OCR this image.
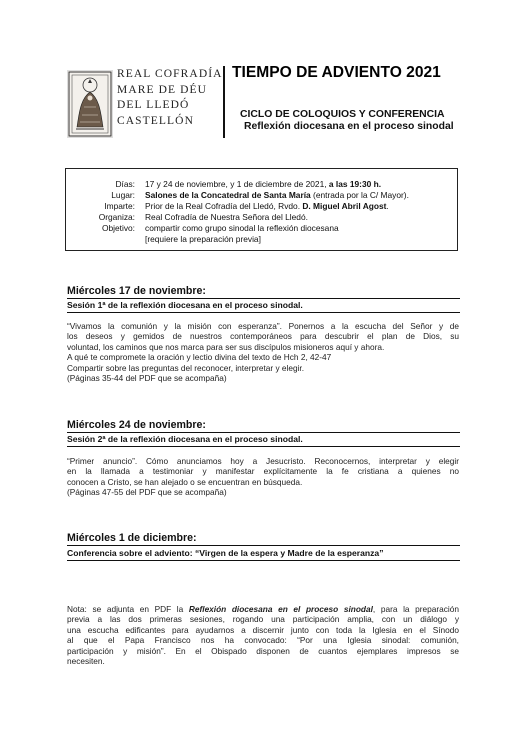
REAL COFRADÍA
MARE DE DÉU
DEL LLEDÓ
CASTELLÓN
TIEMPO DE ADVIENTO 2021
CICLO DE COLOQUIOS Y CONFERENCIA
Reflexión diocesana en el proceso sinodal
Días: 17 y 24 de noviembre, y 1 de diciembre de 2021, a las 19:30 h.
Lugar: Salones de la Concatedral de Santa María (entrada por la C/ Mayor).
Imparte: Prior de la Real Cofradía del Lledó, Rvdo. D. Miguel Abril Agost.
Organiza: Real Cofradía de Nuestra Señora del Lledó.
Objetivo: compartir como grupo sinodal la reflexión diocesana
[requiere la preparación previa]
Miércoles 17 de noviembre:
Sesión 1ª de la reflexión diocesana en el proceso sinodal.
“Vivamos la comunión y la misión con esperanza”. Ponernos a la escucha del Señor y de
los deseos y gemidos de nuestros contemporáneos para descubrir el plan de Dios, su
voluntad, los caminos que nos marca para ser sus discípulos misioneros aquí y ahora.
A qué te compromete la oración y lectio divina del texto de Hch 2, 42-47
Compartir sobre las preguntas del reconocer, interpretar y elegir.
(Páginas 35-44 del PDF que se acompaña)
Miércoles 24 de noviembre:
Sesión 2ª de la reflexión diocesana en el proceso sinodal.
“Primer anuncio”. Cómo anunciamos hoy a Jesucristo. Reconocernos, interpretar y elegir
en la llamada a testimoniar y manifestar explícitamente la fe cristiana a quienes no
conocen a Cristo, se han alejado o se encuentran en búsqueda.
(Páginas 47-55 del PDF que se acompaña)
Miércoles 1 de diciembre:
Conferencia sobre el adviento: “Virgen de la espera y Madre de la esperanza”
Nota: se adjunta en PDF la Reflexión diocesana en el proceso sinodal, para la preparación
previa a las dos primeras sesiones, rogando una participación amplia, con un diálogo y
una escucha edificantes para ayudarnos a discernir junto con toda la Iglesia en el Sínodo
al que el Papa Francisco nos ha convocado: “Por una Iglesia sinodal: comunión,
participación y misión”. En el Obispado disponen de cuantos ejemplares impresos se
necesiten.
